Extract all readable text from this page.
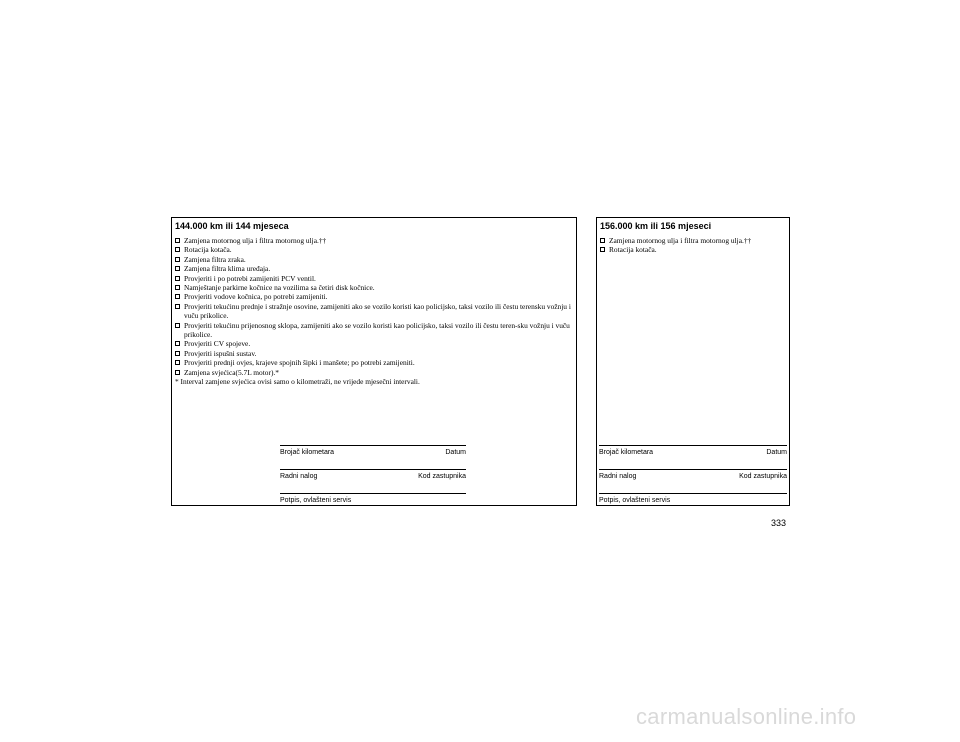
144.000 km ili 144 mjeseca
Zamjena motornog ulja i filtra motornog ulja.††
Rotacija kotača.
Zamjena filtra zraka.
Zamjena filtra klima uređaja.
Provjeriti i po potrebi zamijeniti PCV ventil.
Namještanje parkirne kočnice na vozilima sa četiri disk kočnice.
Provjeriti vodove kočnica, po potrebi zamijeniti.
Provjeriti tekućinu prednje i stražnje osovine, zamijeniti ako se vozilo koristi kao policijsko, taksi vozilo ili čestu terensku vožnju i vuču prikolice.
Provjeriti tekućinu prijenosnog sklopa, zamijeniti ako se vozilo koristi kao policijsko, taksi vozilo ili čestu teren-sku vožnju i vuču prikolice.
Provjeriti CV spojeve.
Provjeriti ispušni sustav.
Provjeriti prednji ovjes, krajeve spojnih šipki i manšete; po potrebi zamijeniti.
Zamjena svjećica(5.7L motor).*
* Interval zamjene svjećica ovisi samo o kilometraži, ne vrijede mjesečni intervali.
Brojač kilometara	Datum
Radni nalog	Kod zastupnika
Potpis, ovlašteni servis
156.000 km ili 156 mjeseci
Zamjena motornog ulja i filtra motornog ulja.††
Rotacija kotača.
Brojač kilometara	Datum
Radni nalog	Kod zastupnika
Potpis, ovlašteni servis
333
carmanualsonline.info
